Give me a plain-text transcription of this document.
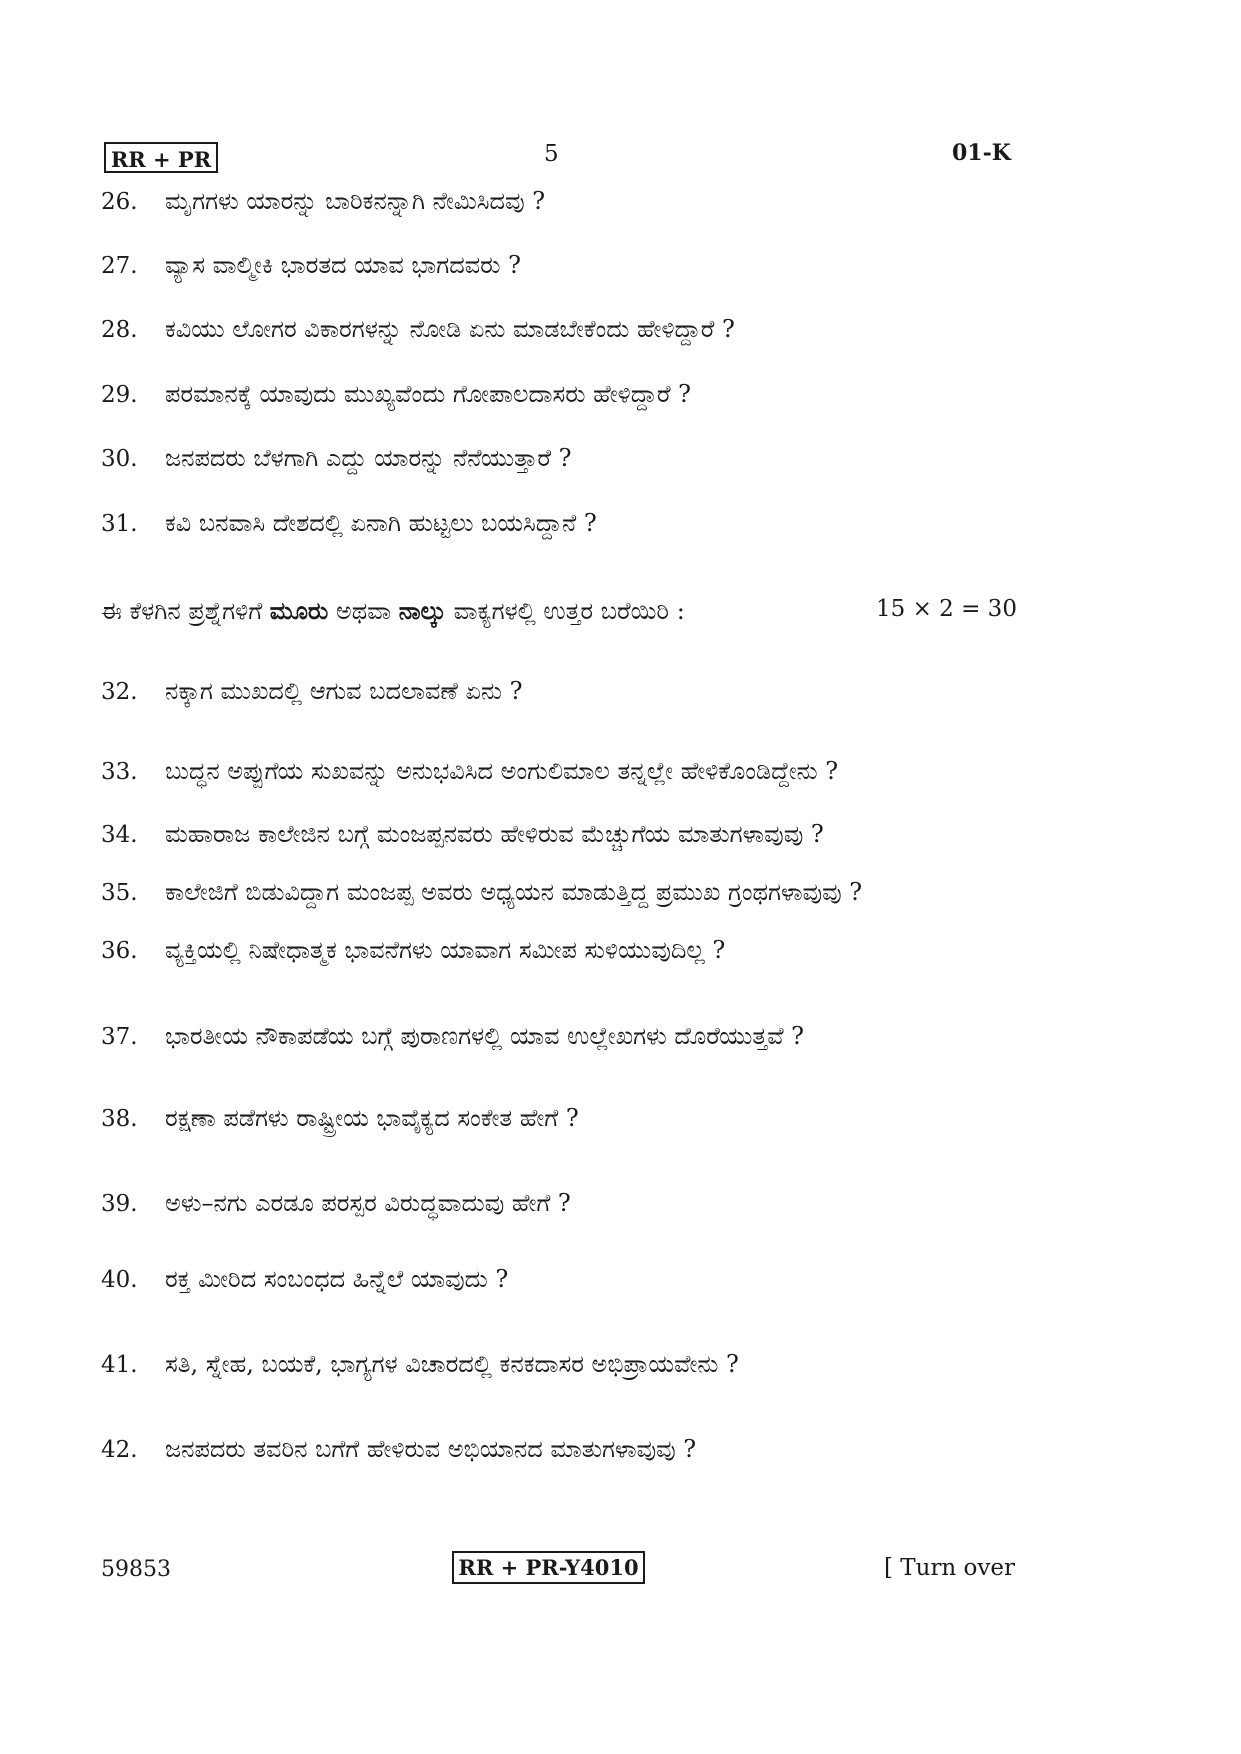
RR + PR	5	01-K
26. ಮೃಗಗಳು ಯಾರನ್ನು ಬಾರಿಕನನ್ನಾಗಿ ನೇಮಿಸಿದವು ?
27. ವ್ಯಾಸ ವಾಲ್ಮೀಕಿ ಭಾರತದ ಯಾವ ಭಾಗದವರು ?
28. ಕವಿಯು ಲೋಗರ ವಿಕಾರಗಳನ್ನು ನೋಡಿ ಏನು ಮಾಡಬೇಕೆಂದು ಹೇಳಿದ್ದಾರೆ ?
29. ಪರಮಾನಕ್ಕೆ ಯಾವುದು ಮುಖ್ಯವೆಂದು ಗೋಪಾಲದಾಸರು ಹೇಳಿದ್ದಾರೆ ?
30. ಜನಪದರು ಬೆಳಗಾಗಿ ಎದ್ದು ಯಾರನ್ನು ನೆನೆಯುತ್ತಾರೆ ?
31. ಕವಿ ಬನವಾಸಿ ದೇಶದಲ್ಲಿ ಏನಾಗಿ ಹುಟ್ಟಲು ಬಯಸಿದ್ದಾನೆ ?
ಈ ಕೆಳಗಿನ ಪ್ರಶ್ನೆಗಳಿಗೆ ಮೂರು ಅಥವಾ ನಾಲ್ಕು ವಾಕ್ಯಗಳಲ್ಲಿ ಉತ್ತರ ಬರೆಯಿರಿ :	15 × 2 = 30
32. ನಕ್ಕಾಗ ಮುಖದಲ್ಲಿ ಆಗುವ ಬದಲಾವಣೆ ಏನು ?
33. ಬುದ್ಧನ ಅಪ್ಪುಗೆಯ ಸುಖವನ್ನು ಅನುಭವಿಸಿದ ಅಂಗುಲಿಮಾಲ ತನ್ನಲ್ಲೇ ಹೇಳಿಕೊಂಡಿದ್ದೇನು ?
34. ಮಹಾರಾಜ ಕಾಲೇಜಿನ ಬಗ್ಗೆ ಮಂಜಪ್ಪನವರು ಹೇಳಿರುವ ಮೆಚ್ಚುಗೆಯ ಮಾತುಗಳಾವುವು ?
35. ಕಾಲೇಜಿಗೆ ಬಿಡುವಿದ್ದಾಗ ಮಂಜಪ್ಪ ಅವರು ಅಧ್ಯಯನ ಮಾಡುತ್ತಿದ್ದ ಪ್ರಮುಖ ಗ್ರಂಥಗಳಾವುವು ?
36. ವ್ಯಕ್ತಿಯಲ್ಲಿ ನಿಷೇಧಾತ್ಮಕ ಭಾವನೆಗಳು ಯಾವಾಗ ಸಮೀಪ ಸುಳಿಯುವುದಿಲ್ಲ ?
37. ಭಾರತೀಯ ನೌಕಾಪಡೆಯ ಬಗ್ಗೆ ಪುರಾಣಗಳಲ್ಲಿ ಯಾವ ಉಲ್ಲೇಖಗಳು ದೊರೆಯುತ್ತವೆ ?
38. ರಕ್ಷಣಾ ಪಡೆಗಳು ರಾಷ್ಟ್ರೀಯ ಭಾವೈಕ್ಯದ ಸಂಕೇತ ಹೇಗೆ ?
39. ಅಳು–ನಗು ಎರಡೂ ಪರಸ್ಪರ ವಿರುದ್ಧವಾದುವು ಹೇಗೆ ?
40. ರಕ್ತ ಮೀರಿದ ಸಂಬಂಧದ ಹಿನ್ನೆಲೆ ಯಾವುದು ?
41. ಸತಿ, ಸ್ನೇಹ, ಬಯಕೆ, ಭಾಗ್ಯಗಳ ವಿಚಾರದಲ್ಲಿ ಕನಕದಾಸರ ಅಭಿಪ್ರಾಯವೇನು ?
42. ಜನಪದರು ತವರಿನ ಬಗೆಗೆ ಹೇಳಿರುವ ಅಭಿಯಾನದ ಮಾತುಗಳಾವುವು ?
59853	RR + PR-Y4010	[ Turn over
